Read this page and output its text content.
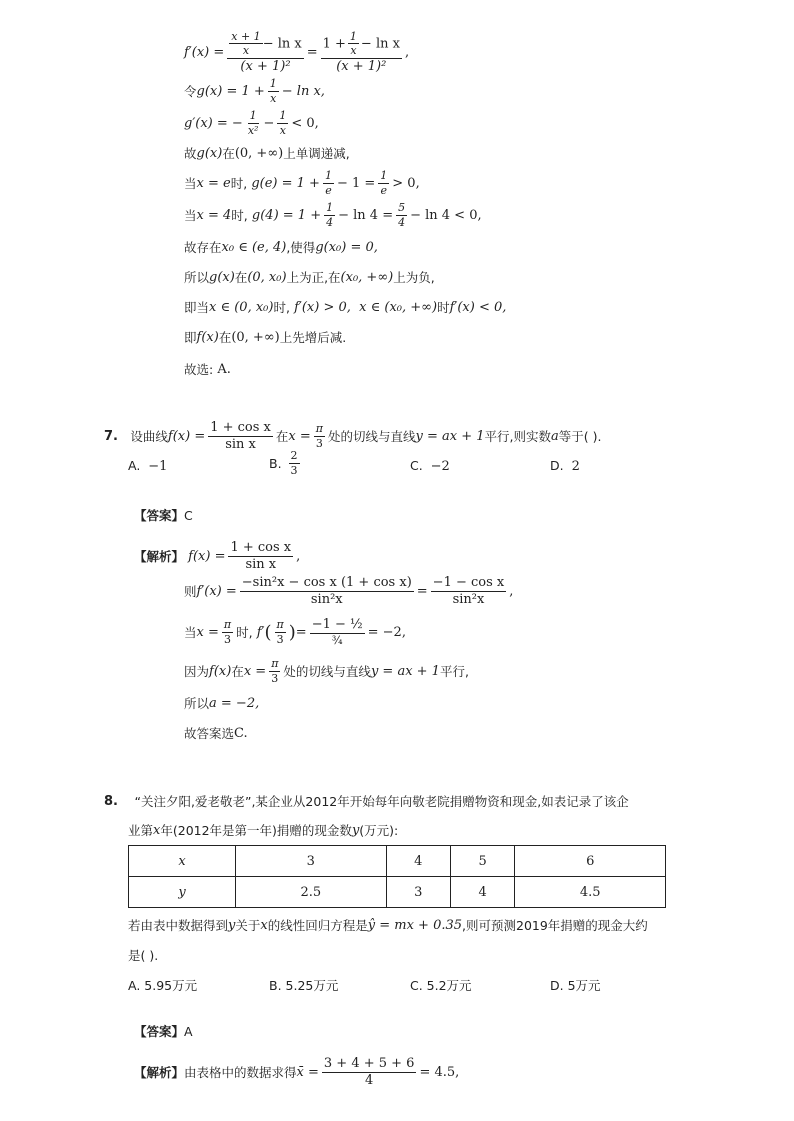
$f'(x) = \frac{\frac{x + 1}{x} - \ln x}{\text{(x + 1)²}} = \frac{1 + \frac{1}{x} - \ln x}{\text{(x + 1)²}}$ ,
令 $g(x) = 1 + \frac{1}{x} - \ln x$,
g′(x) = − $\frac{1}{\text{x²}} - \frac{1}{x} < 0$,
故 g(x) 在 (0, +∞) 上单调递减,
当 x = e 时,
$g(e) = 1 + \frac{1}{e} - 1 = \frac{1}{e} > 0$,
当 x = 4 时,
$g(4) = 1 + \frac{1}{4} - \ln 4 = \frac{5}{4} - \ln 4 < 0$,
故存在 x₀ ∈ (e, 4) ,使得 g(x₀) = 0,
所以 g(x) 在 (0, x₀) 上为正,在 (x₀, +∞) 上为负,
即当 x ∈ (0, x₀) 时,
f′(x) > 0,
x ∈ (x₀, +∞) 时 f′(x) < 0,
即 f(x) 在 (0, +∞) 上先增后减.
故选:
A.
7.
设曲线 $f(x) = \frac{\text{1 + cos x}}{\text{sin x}}$ 在 $x = \frac{\pi}{3}$ 处的切线与直线 y = ax + 1 平行,则实数 a 等于( ).
A. −1	B.
$\frac{2}{3}$	C. −2	D. 2
【答案】 C
【解析】
$f(x) = \frac{\text{1 + cos x}}{\text{sin x}}$ ,
则 $f'(x) = \frac{\text{−sin²x − cos x (1 + cos x)}}{\text{sin²x}} = \frac{\text{−1 − cos x}}{\text{sin²x}}$ ,
当 $x = \frac{\pi}{3}$ 时,
f′ ( $\frac{\pi}{3}$ ) = $\frac{\text{−1 − ½}}{\text{¾}} = -2$,
因为 f(x) 在 $x = \frac{\pi}{3}$ 处的切线与直线 y = ax + 1 平行,
所以 a = −2,
故答案选 C.
8.
“关注夕阳,爱老敬老”,某企业从2012年开始每年向敬老院捐赠物资和现金,如表记录了该企
业第 x 年(2012年是第一年)捐赠的现金数 y (万元):
x	3	4	5	6
y	2.5	3	4	4.5
若由表中数据得到 y 关于 x 的线性回归方程是 ŷ = mx + 0.35 ,则可预测2019年捐赠的现金大约
是( ).
A. 5.95万元	B. 5.25万元	C. 5.2万元	D. 5万元
【答案】 A
【解析】 由表格中的数据求得 x̄ = $\frac{3 + 4 + 5 + 6}{4} = 4.5$,
